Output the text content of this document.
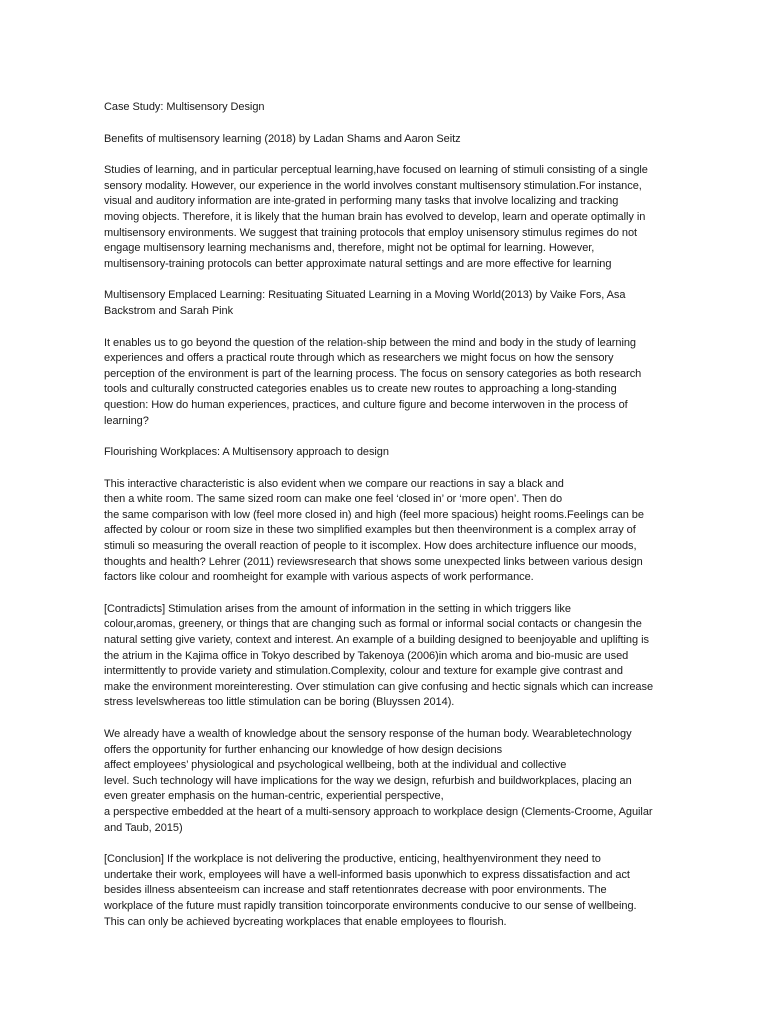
Case Study: Multisensory Design

Benefits of multisensory learning (2018) by Ladan Shams and Aaron Seitz

Studies of learning, and in particular perceptual learning,have focused on learning of stimuli consisting of a single
sensory modality. However, our experience in the world involves constant multisensory stimulation.For instance,
visual and auditory information are inte-grated in performing many tasks that involve localizing and tracking
moving objects. Therefore, it is likely that the human brain has evolved to develop, learn and operate optimally in
multisensory environments. We suggest that training protocols that employ unisensory stimulus regimes do not
engage multisensory learning mechanisms and, therefore, might not be optimal for learning. However,
multisensory-training protocols can better approximate natural settings and are more effective for learning

Multisensory Emplaced Learning: Resituating Situated Learning in a Moving World(2013) by Vaike Fors, Asa
Backstrom and Sarah Pink

It enables us to go beyond the question of the relation-ship between the mind and body in the study of learning
experiences and offers a practical route through which as researchers we might focus on how the sensory
perception of the environment is part of the learning process. The focus on sensory categories as both research
tools and culturally constructed categories enables us to create new routes to approaching a long-standing
question: How do human experiences, practices, and culture figure and become interwoven in the process of
learning?

Flourishing Workplaces: A Multisensory approach to design

This interactive characteristic is also evident when we compare our reactions in say a black and
then a white room. The same sized room can make one feel ‘closed in’ or ‘more open’. Then do
the same comparison with low (feel more closed in) and high (feel more spacious) height rooms.Feelings can be
affected by colour or room size in these two simplified examples but then theenvironment is a complex array of
stimuli so measuring the overall reaction of people to it iscomplex. How does architecture influence our moods,
thoughts and health? Lehrer (2011) reviewsresearch that shows some unexpected links between various design
factors like colour and roomheight for example with various aspects of work performance.

[Contradicts] Stimulation arises from the amount of information in the setting in which triggers like
colour,aromas, greenery, or things that are changing such as formal or informal social contacts or changesin the
natural setting give variety, context and interest. An example of a building designed to beenjoyable and uplifting is
the atrium in the Kajima office in Tokyo described by Takenoya (2006)in which aroma and bio-music are used
intermittently to provide variety and stimulation.Complexity, colour and texture for example give contrast and
make the environment moreinteresting. Over stimulation can give confusing and hectic signals which can increase
stress levelswhereas too little stimulation can be boring (Bluyssen 2014).

We already have a wealth of knowledge about the sensory response of the human body. Wearabletechnology
offers the opportunity for further enhancing our knowledge of how design decisions
affect employees’ physiological and psychological wellbeing, both at the individual and collective
level. Such technology will have implications for the way we design, refurbish and buildworkplaces, placing an
even greater emphasis on the human-centric, experiential perspective,
a perspective embedded at the heart of a multi-sensory approach to workplace design (Clements-Croome, Aguilar
and Taub, 2015)

[Conclusion] If the workplace is not delivering the productive, enticing, healthyenvironment they need to
undertake their work, employees will have a well-informed basis uponwhich to express dissatisfaction and act
besides illness absenteeism can increase and staff retentionrates decrease with poor environments. The
workplace of the future must rapidly transition toincorporate environments conducive to our sense of wellbeing.
This can only be achieved bycreating workplaces that enable employees to flourish.
